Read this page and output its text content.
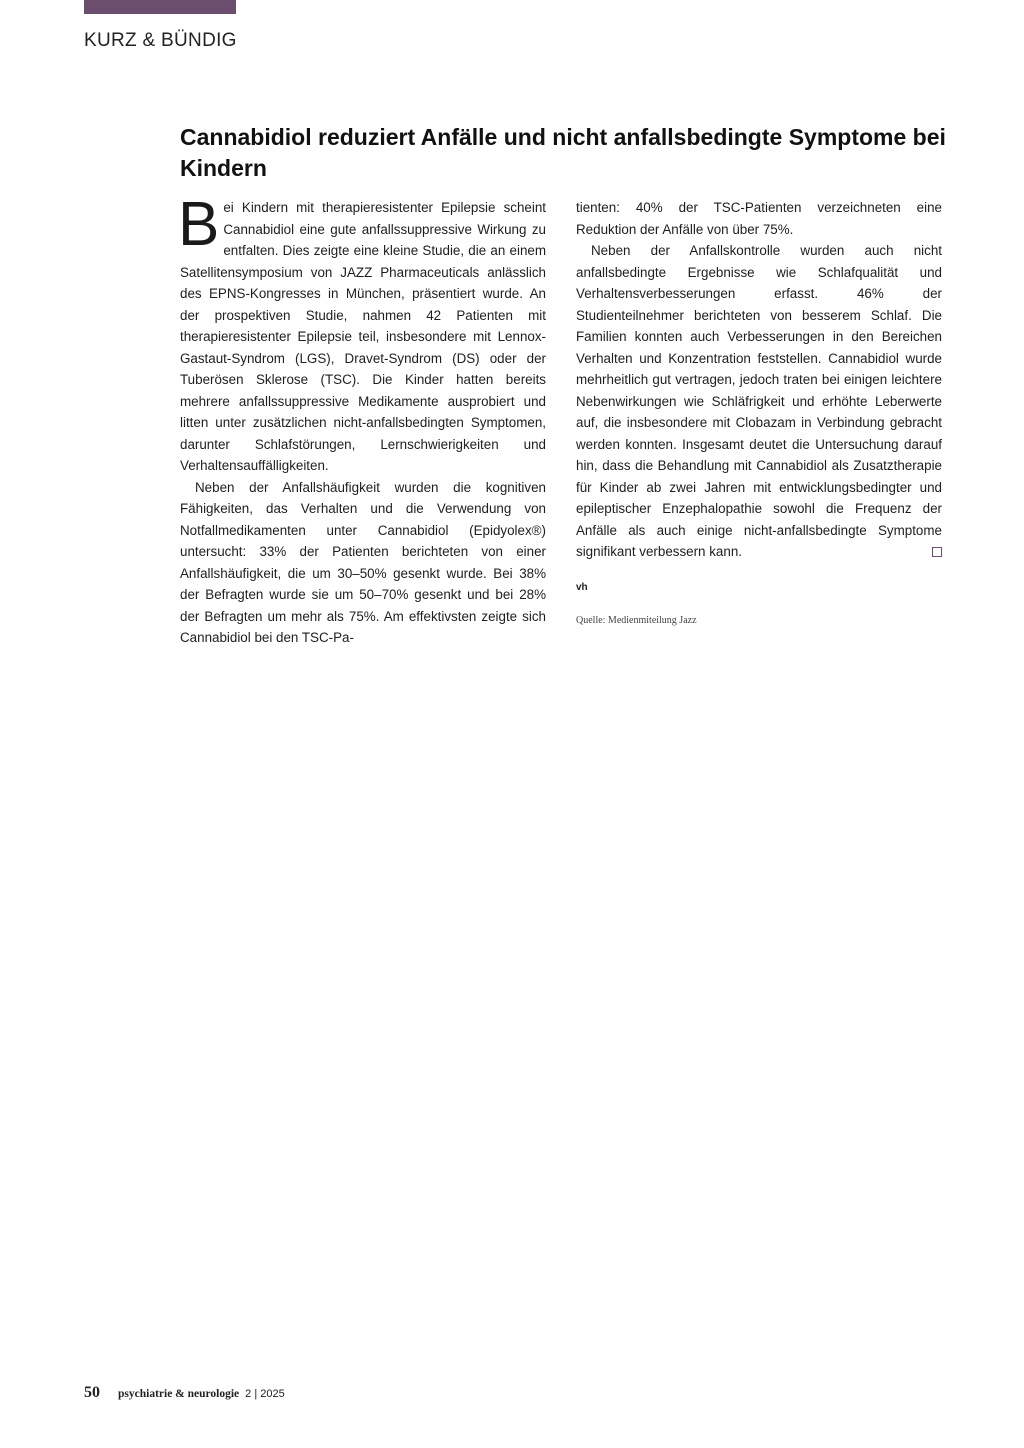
KURZ & BÜNDIG
Cannabidiol reduziert Anfälle und nicht anfallsbedingte Symptome bei Kindern

Bei Kindern mit therapieresistenter Epilepsie scheint Cannabidiol eine gute anfallssuppressive Wirkung zu entfalten. Dies zeigte eine kleine Studie, die an einem Satellitensymposium von JAZZ Pharmaceuticals anlässlich des EPNS-Kongresses in München, präsentiert wurde. An der prospektiven Studie, nahmen 42 Patienten mit therapieresistenter Epilepsie teil, insbesondere mit Lennox-Gastaut-Syndrom (LGS), Dravet-Syndrom (DS) oder der Tuberösen Sklerose (TSC). Die Kinder hatten bereits mehrere anfallssuppressive Medikamente ausprobiert und litten unter zusätzlichen nicht-anfallsbedingten Symptomen, darunter Schlafstörungen, Lernschwierigkeiten und Verhaltensauffälligkeiten.

Neben der Anfallshäufigkeit wurden die kognitiven Fähigkeiten, das Verhalten und die Verwendung von Notfallmedikamenten unter Cannabidiol (Epidyolex®) untersucht: 33% der Patienten berichteten von einer Anfallshäufigkeit, die um 30–50% gesenkt wurde. Bei 38% der Befragten wurde sie um 50–70% gesenkt und bei 28% der Befragten um mehr als 75%. Am effektivsten zeigte sich Cannabidiol bei den TSC-Pa-

tienten: 40% der TSC-Patienten verzeichneten eine Reduktion der Anfälle von über 75%.

Neben der Anfallskontrolle wurden auch nicht anfallsbedingte Ergebnisse wie Schlafqualität und Verhaltensverbesserungen erfasst. 46% der Studienteilnehmer berichteten von besserem Schlaf. Die Familien konnten auch Verbesserungen in den Bereichen Verhalten und Konzentration feststellen. Cannabidiol wurde mehrheitlich gut vertragen, jedoch traten bei einigen leichtere Nebenwirkungen wie Schläfrigkeit und erhöhte Leberwerte auf, die insbesondere mit Clobazam in Verbindung gebracht werden konnten. Insgesamt deutet die Untersuchung darauf hin, dass die Behandlung mit Cannabidiol als Zusatztherapie für Kinder ab zwei Jahren mit entwicklungsbedingter und epileptischer Enzephalopathie sowohl die Frequenz der Anfälle als auch einige nicht-anfallsbedingte Symptome signifikant verbessern kann.

vh
Quelle: Medienmiteilung Jazz
50 psychiatrie & neurologie 2 | 2025
